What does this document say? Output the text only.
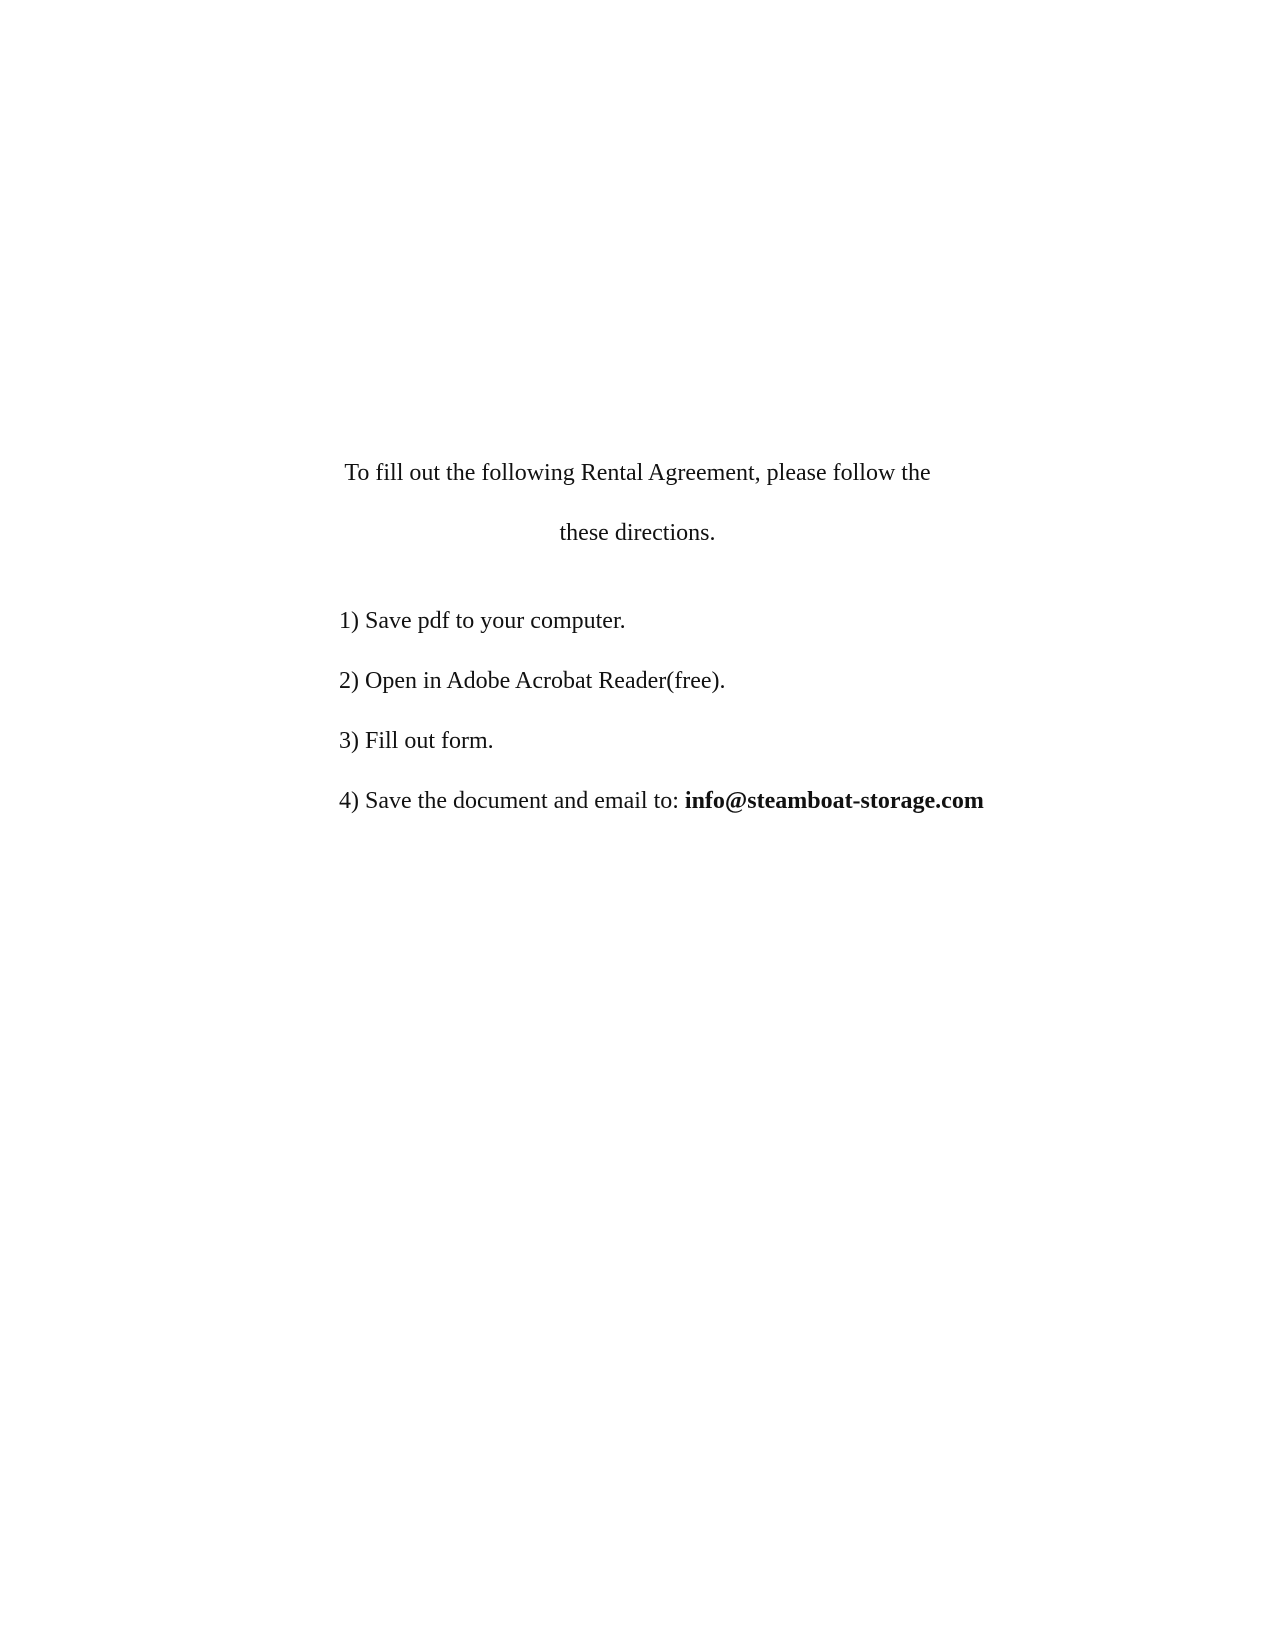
To fill out the following Rental Agreement, please follow the

these directions.

1) Save pdf to your computer.
2) Open in Adobe Acrobat Reader(free).
3) Fill out form.
4) Save the document and email to: info@steamboat-storage.com
